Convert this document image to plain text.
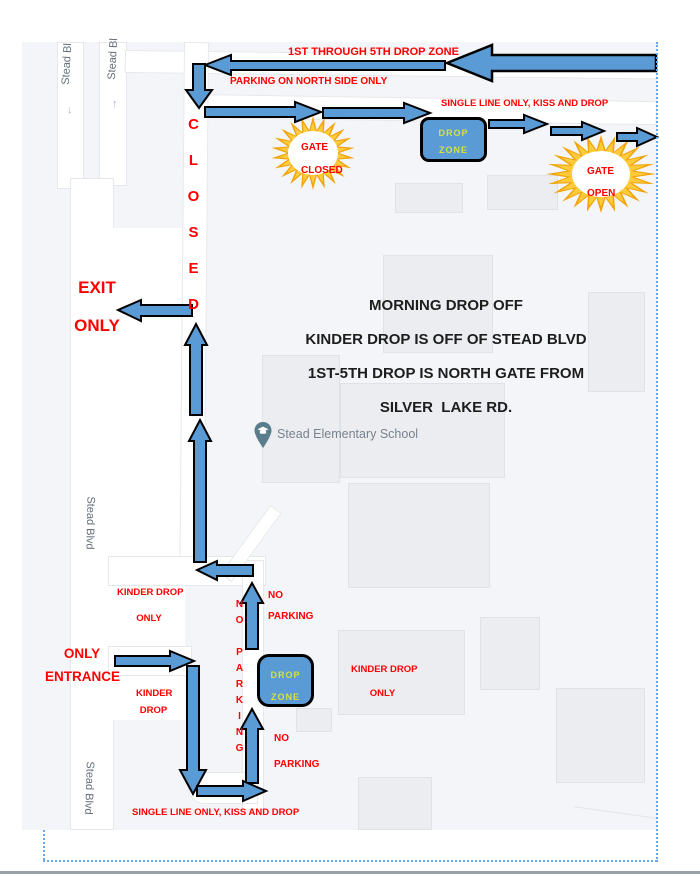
DROP
ZONE
DROP
ZONE
GATE
CLOSED	GATE
OPEN
1ST THROUGH 5TH DROP ZONE
PARKING ON NORTH SIDE ONLY
SINGLE LINE ONLY, KISS AND DROP
CLOSED
EXIT
ONLY
KINDER DROP
ONLY
NO
PARKING
NO PARKING
ONLY
ENTRANCE
KINDER
DROP
KINDER DROP
ONLY
NO
PARKING
SINGLE LINE ONLY, KISS AND DROP
MORNING DROP OFF
KINDER DROP IS OFF OF STEAD BLVD
1ST-5TH DROP IS NORTH GATE FROM
SILVER  LAKE RD.
Stead Bl	Stead Bl
↓	↑
Stead Blvd
Stead Blvd
Stead Elementary School
